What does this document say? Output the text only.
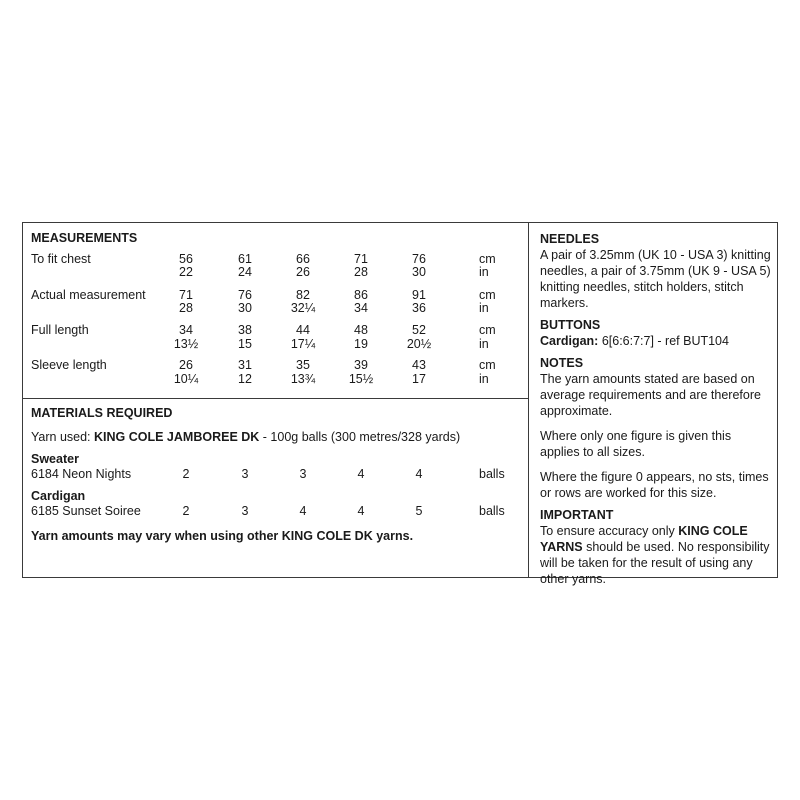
MEASUREMENTS
To fit chest	56	61	66	71	76	cm
22	24	26	28	30	in
Actual measurement	71	76	82	86	91	cm
28	30	32¼	34	36	in
Full length	34	38	44	48	52	cm
13½	15	17¼	19	20½	in
Sleeve length	26	31	35	39	43	cm
10¼	12	13¾	15½	17	in
MATERIALS REQUIRED
Yarn used: KING COLE JAMBOREE DK - 100g balls (300 metres/328 yards)
Sweater
6184 Neon Nights	2	3	3	4	4	balls
Cardigan
6185 Sunset Soiree	2	3	4	4	5	balls
Yarn amounts may vary when using other KING COLE DK yarns.

NEEDLES

A pair of 3.25mm (UK 10 - USA 3) knitting needles, a pair of 3.75mm (UK 9 - USA 5) knitting needles, stitch holders, stitch markers.

BUTTONS

Cardigan: 6[6:6:7:7] - ref BUT104

NOTES

The yarn amounts stated are based on average requirements and are therefore approximate.

Where only one figure is given this applies to all sizes.

Where the figure 0 appears, no sts, times or rows are worked for this size.

IMPORTANT

To ensure accuracy only KING COLE YARNS should be used. No responsibility will be taken for the result of using any other yarns.
